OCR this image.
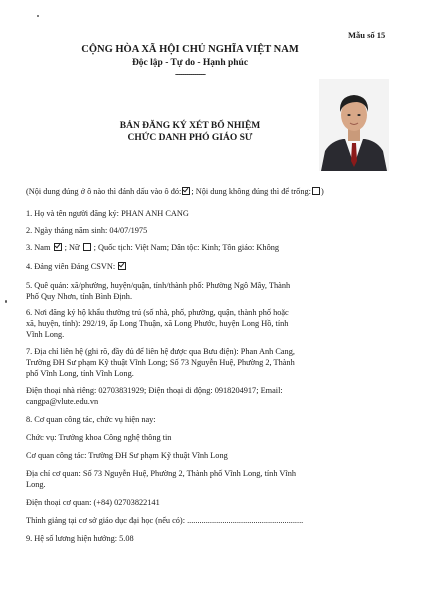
Mẫu số 15
CỘNG HÒA XÃ HỘI CHỦ NGHĨA VIỆT NAM
Độc lập - Tự do - Hạnh phúc
---------------
BẢN ĐĂNG KÝ XÉT BỔ NHIỆM
CHỨC DANH PHÓ GIÁO SƯ
(Nội dung đúng ở ô nào thì đánh dấu vào ô đó: ; Nội dung không đúng thì để trống: )
1. Họ và tên người đăng ký: PHAN ANH CANG
2. Ngày tháng năm sinh: 04/07/1975
3. Nam ; Nữ ; Quốc tịch: Việt Nam; Dân tộc: Kinh; Tôn giáo: Không
4. Đảng viên Đảng CSVN:
5. Quê quán: xã/phường, huyện/quận, tỉnh/thành phố: Phường Ngô Mây, Thành
Phố Quy Nhơn, tỉnh Bình Định.
6. Nơi đăng ký hộ khẩu thường trú (số nhà, phố, phường, quận, thành phố hoặc
xã, huyện, tỉnh): 292/19, ấp Long Thuận, xã Long Phước, huyện Long Hồ, tỉnh
Vĩnh Long.
7. Địa chỉ liên hệ (ghi rõ, đầy đủ để liên hệ được qua Bưu điện): Phan Anh Cang,
Trường ĐH Sư phạm Kỹ thuật Vĩnh Long; Số 73 Nguyễn Huệ, Phường 2, Thành
phố Vĩnh Long, tỉnh Vĩnh Long.
Điện thoại nhà riêng: 02703831929; Điện thoại di động: 0918204917; Email:
cangpa@vlute.edu.vn
8. Cơ quan công tác, chức vụ hiện nay:
Chức vụ: Trưởng khoa Công nghệ thông tin
Cơ quan công tác: Trường ĐH Sư phạm Kỹ thuật Vĩnh Long
Địa chỉ cơ quan: Số 73 Nguyễn Huệ, Phường 2, Thành phố Vĩnh Long, tỉnh Vĩnh
Long.
Điện thoại cơ quan: (+84) 02703822141
Thỉnh giảng tại cơ sở giáo dục đại học (nếu có): ........................................................
9. Hệ số lương hiện hưởng: 5.08
